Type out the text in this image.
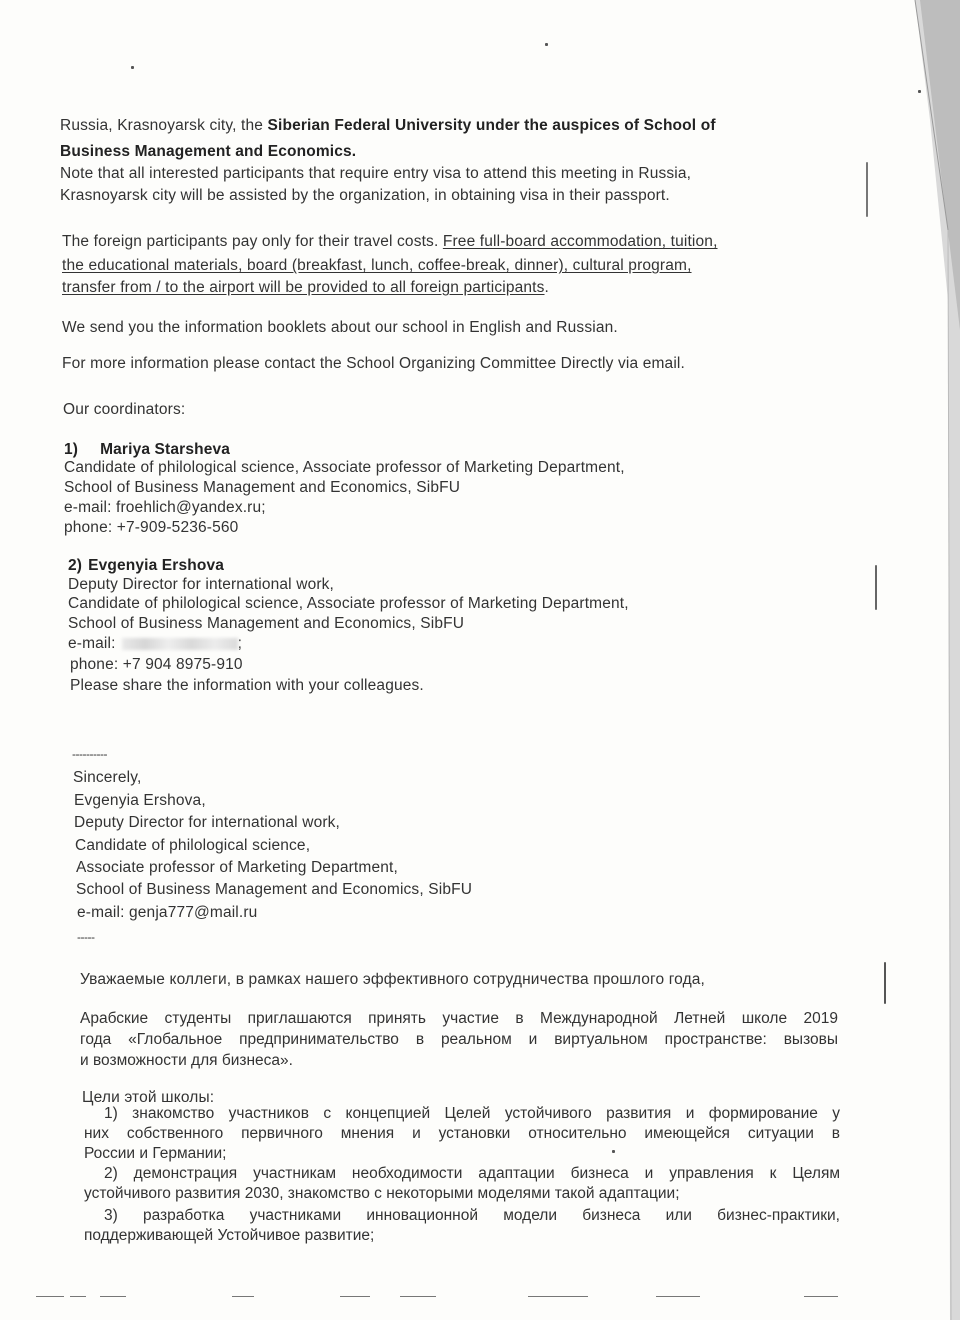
Russia, Krasnoyarsk city, the Siberian Federal University under the auspices of School of
Business Management and Economics.
Note that all interested participants that require entry visa to attend this meeting in Russia,
Krasnoyarsk city will be assisted by the organization, in obtaining visa in their passport.
The foreign participants pay only for their travel costs. Free full-board accommodation, tuition,
the educational materials, board (breakfast, lunch, coffee-break, dinner), cultural program,
transfer from / to the airport will be provided to all foreign participants.
We send you the information booklets about our school in English and Russian.
For more information please contact the School Organizing Committee Directly via email.
Our coordinators:
1) Mariya Starsheva
Candidate of philological science, Associate professor of Marketing Department,
School of Business Management and Economics, SibFU
e-mail: froehlich@yandex.ru;
phone: +7-909-5236-560
2) Evgenyia Ershova
Deputy Director for international work,
Candidate of philological science, Associate professor of Marketing Department,
School of Business Management and Economics, SibFU
e-mail:	;
phone: +7 904 8975-910
Please share the information with your colleagues.
----------
Sincerely,
Evgenyia Ershova,
Deputy Director for international work,
Candidate of philological science,
Associate professor of Marketing Department,
School of Business Management and Economics, SibFU
e-mail: genja777@mail.ru
-----
Уважаемые коллеги, в рамках нашего эффективного сотрудничества прошлого года,
Арабские студенты приглашаются принять участие в Международной Летней школе 2019
года «Глобальное предпринимательство в реальном и виртуальном пространстве: вызовы
и возможности для бизнеса».
Цели этой школы:
1) знакомство участников с концепцией Целей устойчивого развития и формирование у
них собственного первичного мнения и установки относительно имеющейся ситуации в
России и Германии;
2) демонстрация участникам необходимости адаптации бизнеса и управления к Целям
устойчивого развития 2030, знакомство с некоторыми моделями такой адаптации;
3) разработка участниками инновационной модели бизнеса или бизнес-практики,
поддерживающей Устойчивое развитие;
